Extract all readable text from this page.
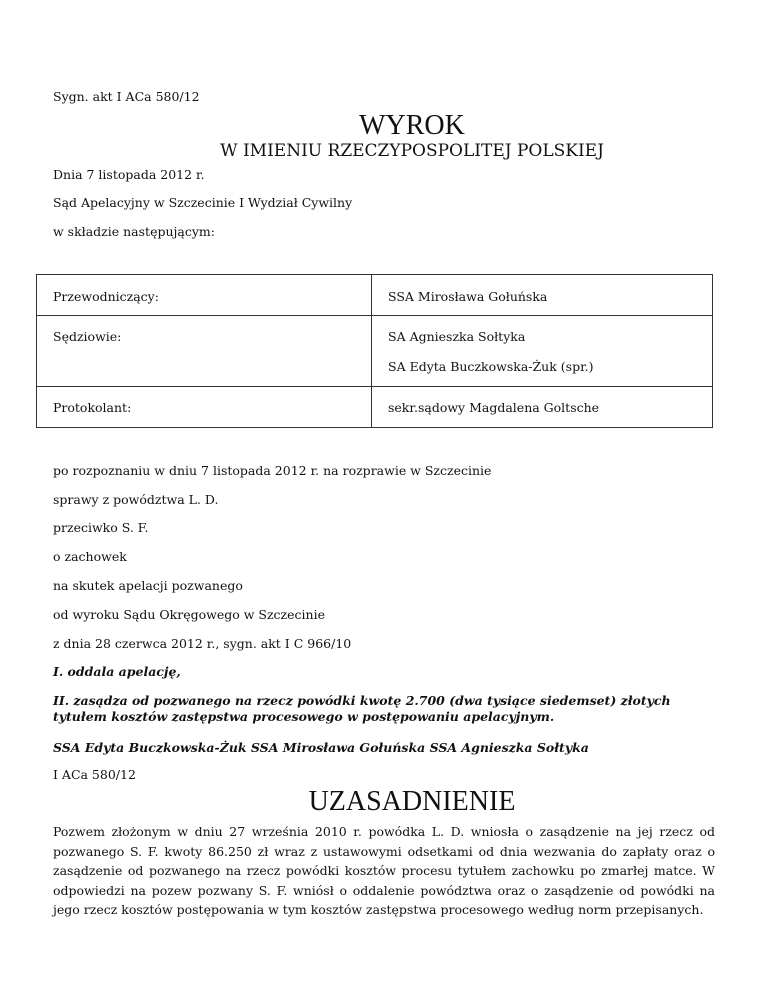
Sygn. akt I ACa 580/12
WYROK
W IMIENIU RZECZYPOSPOLITEJ POLSKIEJ
Dnia 7 listopada 2012 r.
Sąd Apelacyjny w Szczecinie I Wydział Cywilny
w składzie następującym:
Przewodniczący:	SSA Mirosława Gołuńska

Sędziowie:	SA Agnieszka Sołtyka
SA Edyta Buczkowska-Żuk (spr.)

Protokolant:	sekr.sądowy Magdalena Goltsche
po rozpoznaniu w dniu 7 listopada 2012 r. na rozprawie w Szczecinie
sprawy z powództwa L. D.
przeciwko S. F.
o zachowek
na skutek apelacji pozwanego
od wyroku Sądu Okręgowego w Szczecinie
z dnia 28 czerwca 2012 r., sygn. akt I C 966/10
I. oddala apelację,
II. zasądza od pozwanego na rzecz powódki kwotę 2.700 (dwa tysiące siedemset) złotych tytułem kosztów zastępstwa procesowego w postępowaniu apelacyjnym.
SSA Edyta Buczkowska-Żuk SSA Mirosława Gołuńska SSA Agnieszka Sołtyka
I ACa 580/12
UZASADNIENIE
Pozwem złożonym w dniu 27 września 2010 r. powódka L. D. wniosła o zasądzenie na jej rzecz od pozwanego S. F. kwoty 86.250 zł wraz z ustawowymi odsetkami od dnia wezwania do zapłaty oraz o zasądzenie od pozwanego na rzecz powódki kosztów procesu tytułem zachowku po zmarłej matce. W odpowiedzi na pozew pozwany S. F. wniósł o oddalenie powództwa oraz o zasądzenie od powódki na jego rzecz kosztów postępowania w tym kosztów zastępstwa procesowego według norm przepisanych.
